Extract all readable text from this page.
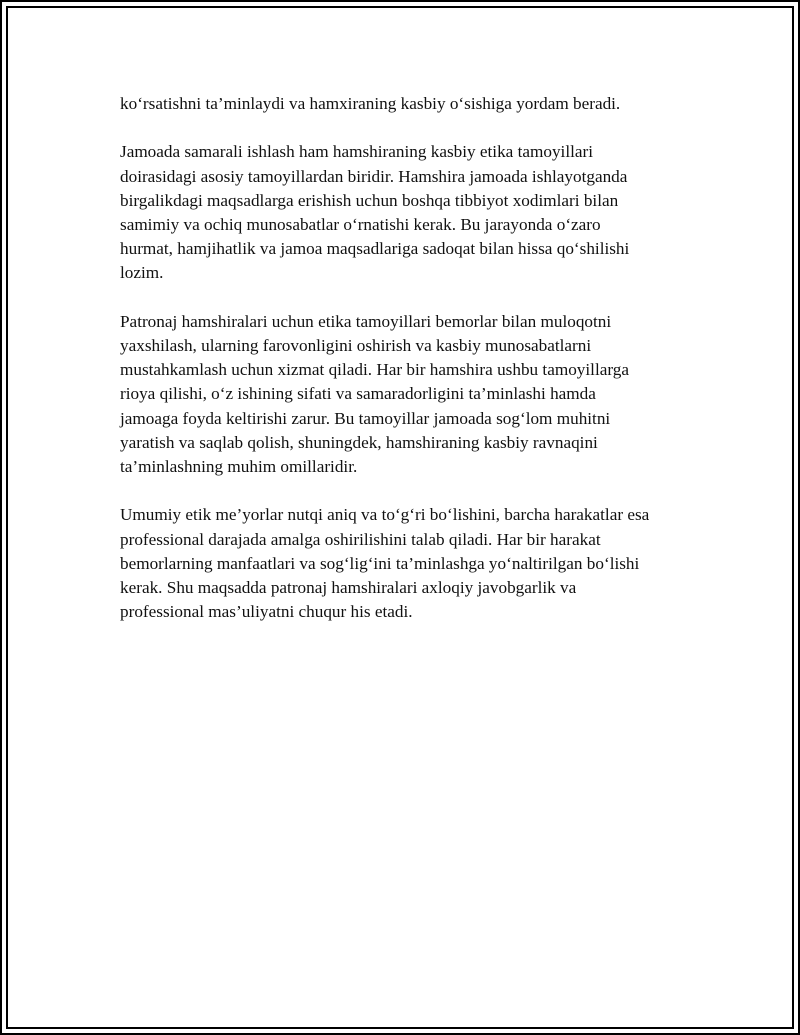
ko‘rsatishni ta’minlaydi va hamxiraning kasbiy o‘sishiga yordam beradi.

Jamoada samarali ishlash ham hamshiraning kasbiy etika tamoyillari
doirasidagi asosiy tamoyillardan biridir. Hamshira jamoada ishlayotganda
birgalikdagi maqsadlarga erishish uchun boshqa tibbiyot xodimlari bilan
samimiy va ochiq munosabatlar o‘rnatishi kerak. Bu jarayonda o‘zaro
hurmat, hamjihatlik va jamoa maqsadlariga sadoqat bilan hissa qo‘shilishi
lozim.

Patronaj hamshiralari uchun etika tamoyillari bemorlar bilan muloqotni
yaxshilash, ularning farovonligini oshirish va kasbiy munosabatlarni
mustahkamlash uchun xizmat qiladi. Har bir hamshira ushbu tamoyillarga
rioya qilishi, o‘z ishining sifati va samaradorligini ta’minlashi hamda
jamoaga foyda keltirishi zarur. Bu tamoyillar jamoada sog‘lom muhitni
yaratish va saqlab qolish, shuningdek, hamshiraning kasbiy ravnaqini
ta’minlashning muhim omillaridir.

Umumiy etik me’yorlar nutqi aniq va to‘g‘ri bo‘lishini, barcha harakatlar esa
professional darajada amalga oshirilishini talab qiladi. Har bir harakat
bemorlarning manfaatlari va sog‘lig‘ini ta’minlashga yo‘naltirilgan bo‘lishi
kerak. Shu maqsadda patronaj hamshiralari axloqiy javobgarlik va
professional mas’uliyatni chuqur his etadi.
